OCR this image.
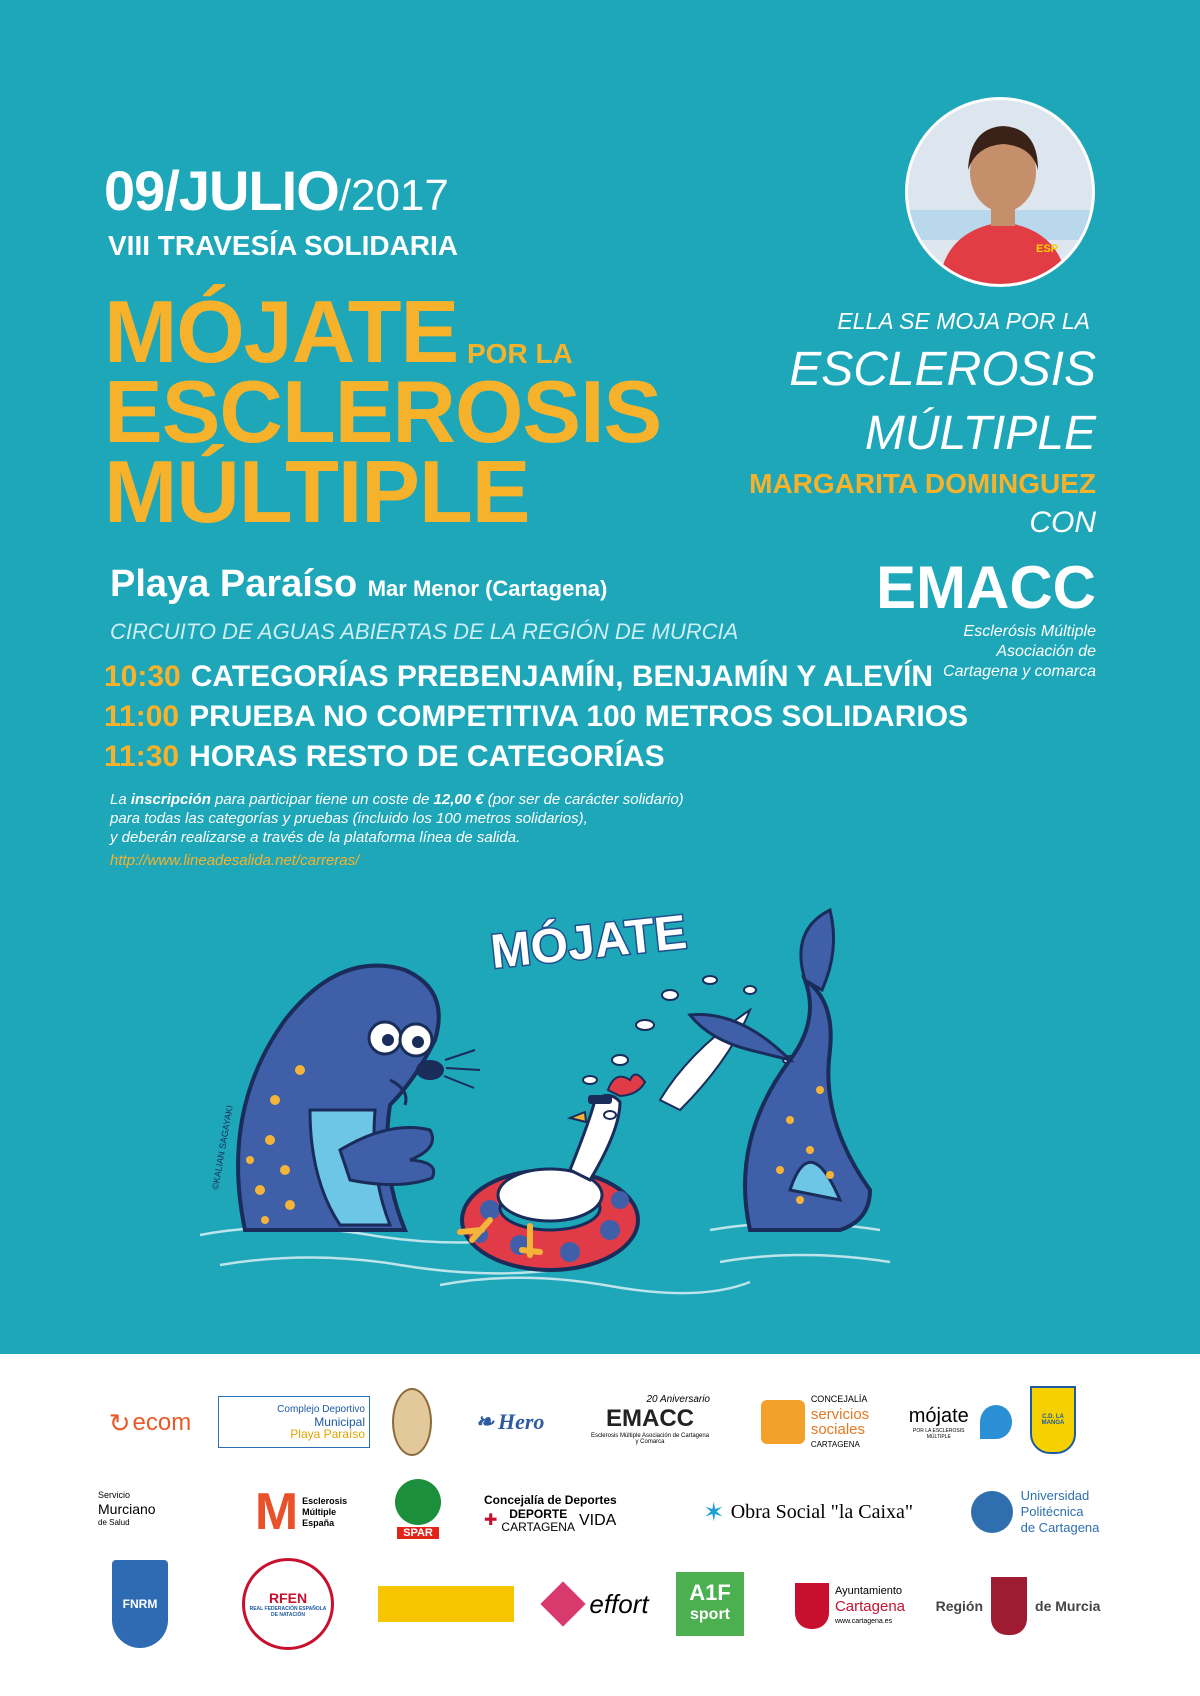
09/JULIO/2017
VIII TRAVESÍA SOLIDARIA
MÓJATE POR LA
ESCLEROSIS
MÚLTIPLE
Playa Paraíso Mar Menor (Cartagena)
CIRCUITO DE AGUAS ABIERTAS DE LA REGIÓN DE MURCIA
10:30 CATEGORÍAS PREBENJAMÍN, BENJAMÍN Y ALEVÍN
11:00 PRUEBA NO COMPETITIVA 100 METROS SOLIDARIOS
11:30 HORAS RESTO DE CATEGORÍAS
La inscripción para participar tiene un coste de 12,00 € (por ser de carácter solidario)
para todas las categorías y pruebas (incluido los 100 metros solidarios),
y deberán realizarse a través de la plataforma línea de salida.
http://www.lineadesalida.net/carreras/
ESP
ELLA SE MOJA POR LA
ESCLEROSIS
MÚLTIPLE
MARGARITA DOMINGUEZ
CON
EMACC
Esclerósis Múltiple
Asociación de
Cartagena y comarca
MÓJATE
©KALIAN SAGAYAKI
↻ ecom	Complejo Deportivo
Municipal
Playa Paraíso	❧ Hero
20 Aniversario
EMACC
Esclerosis Múltiple Asociación de Cartagena y Comarca
CONCEJALÍA
servicios
sociales
CARTAGENA
mójate
POR LA ESCLEROSIS MÚLTIPLE
C.D. LA MANGA
Servicio
Murciano
de Salud M Esclerosis
Múltiple
España
SPAR
Concejalía de Deportes
✚ DEPORTE
CARTAGENA VIDA	✶ Obra Social "la Caixa"
Universidad
Politécnica
de Cartagena
FNRM	RFEN
REAL FEDERACIÓN ESPAÑOLA DE NATACIÓN	effort A1F
sport
Ayuntamiento
Cartagena
www.cartagena.es
Región	de Murcia
